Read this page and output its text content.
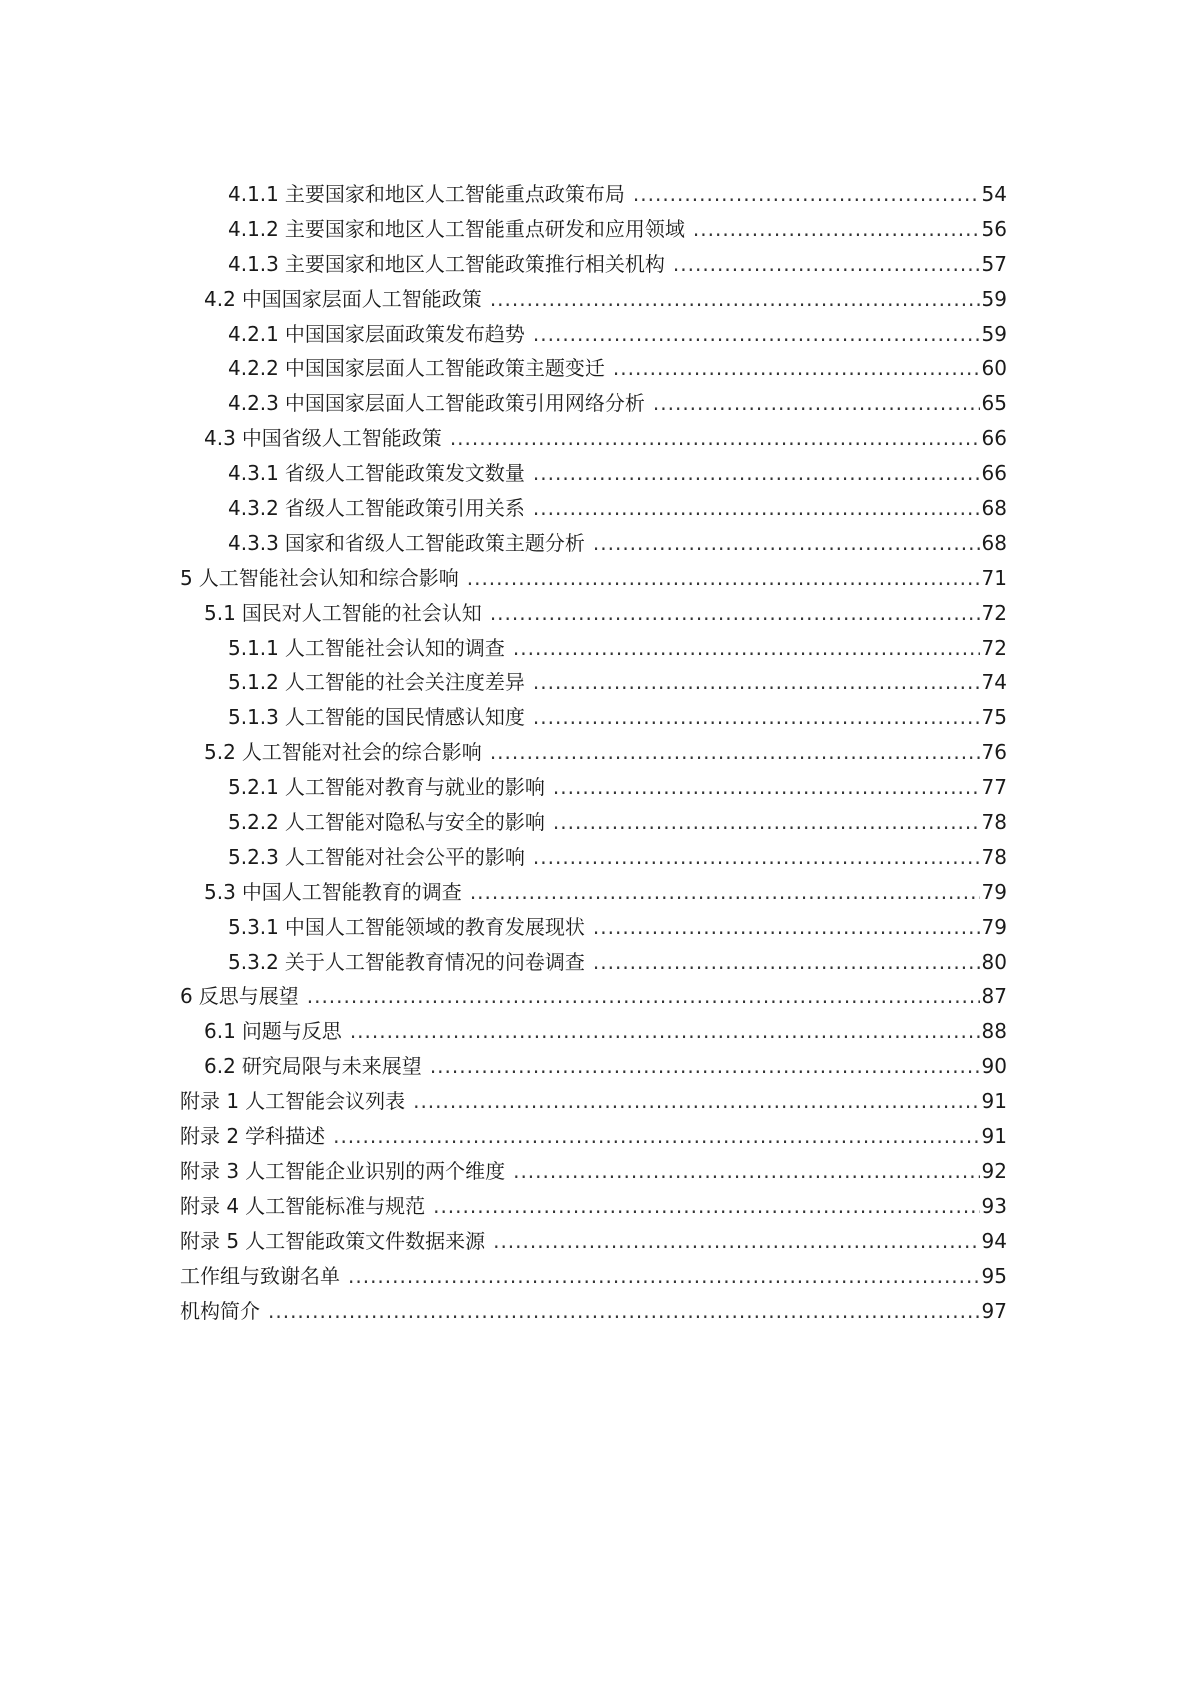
4.1.1 主要国家和地区人工智能重点政策布局 .....	54
4.1.2 主要国家和地区人工智能重点研发和应用领域 .....	56
4.1.3 主要国家和地区人工智能政策推行相关机构 .....	57
4.2 中国国家层面人工智能政策 .....	59
4.2.1 中国国家层面政策发布趋势 .....	59
4.2.2 中国国家层面人工智能政策主题变迁 .....	60
4.2.3 中国国家层面人工智能政策引用网络分析 .....	65
4.3 中国省级人工智能政策 .....	66
4.3.1 省级人工智能政策发文数量 .....	66
4.3.2 省级人工智能政策引用关系 .....	68
4.3.3 国家和省级人工智能政策主题分析 .....	68
5 人工智能社会认知和综合影响 .....	71
5.1 国民对人工智能的社会认知 .....	72
5.1.1 人工智能社会认知的调查 .....	72
5.1.2 人工智能的社会关注度差异 .....	74
5.1.3 人工智能的国民情感认知度 .....	75
5.2 人工智能对社会的综合影响 .....	76
5.2.1 人工智能对教育与就业的影响 .....	77
5.2.2 人工智能对隐私与安全的影响 .....	78
5.2.3 人工智能对社会公平的影响 .....	78
5.3 中国人工智能教育的调查 .....	79
5.3.1 中国人工智能领域的教育发展现状 .....	79
5.3.2 关于人工智能教育情况的问卷调查 .....	80
6 反思与展望 .....	87
6.1 问题与反思 .....	88
6.2 研究局限与未来展望 .....	90
附录 1 人工智能会议列表 .....	91
附录 2 学科描述 .....	91
附录 3 人工智能企业识别的两个维度 .....	92
附录 4 人工智能标准与规范 .....	93
附录 5 人工智能政策文件数据来源 .....	94
工作组与致谢名单 .....	95
机构简介 .....	97
